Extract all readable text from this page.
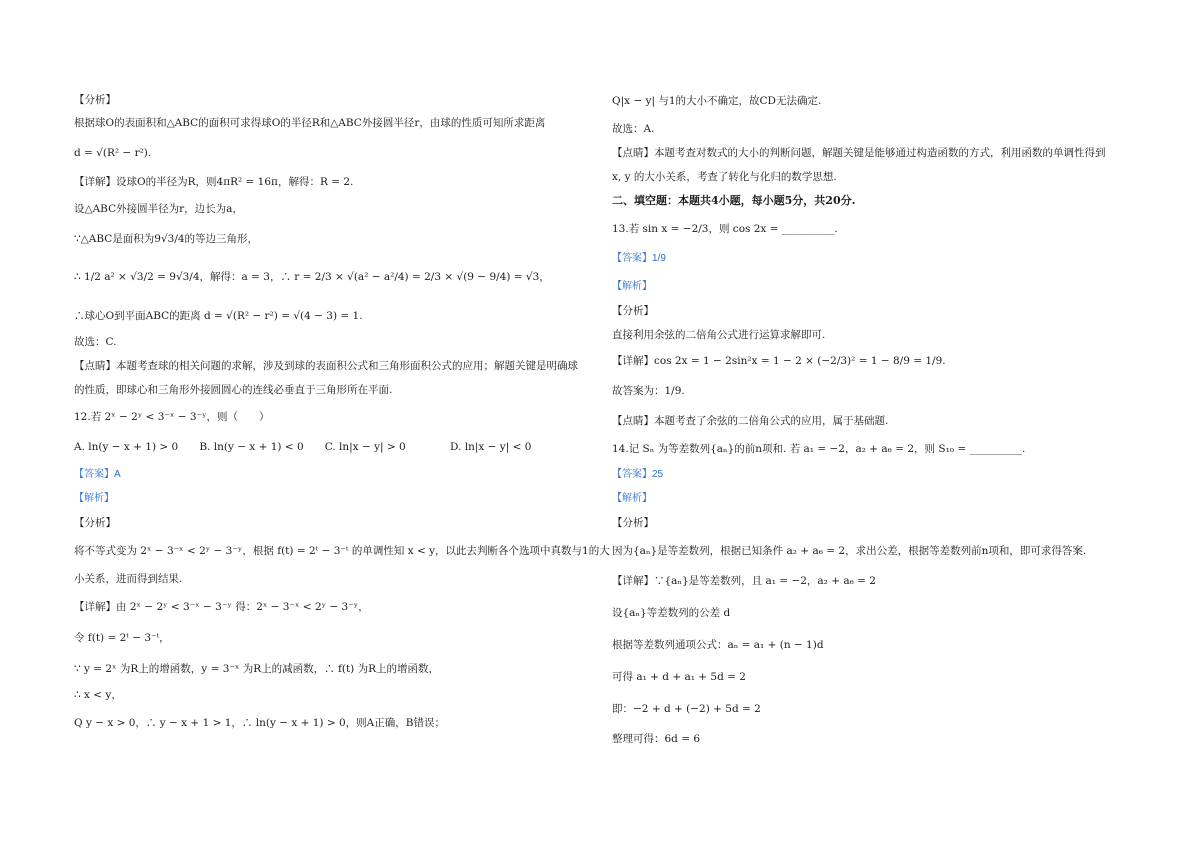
【分析】
根据球O的表面积和△ABC的面积可求得球O的半径R和△ABC外接圆半径r，由球的性质可知所求距离
d = √(R² − r²).
【详解】设球O的半径为R，则4πR² = 16π，解得：R = 2.
设△ABC外接圆半径为r，边长为a，
∵△ABC是面积为9√3/4的等边三角形，
∴ 1/2 a² × √3/2 = 9√3/4，解得：a = 3，∴ r = 2/3 × √(a² − a²/4) = 2/3 × √(9 − 9/4) = √3，
∴球心O到平面ABC的距离 d = √(R² − r²) = √(4 − 3) = 1.
故选：C.
【点睛】本题考查球的相关问题的求解，涉及到球的表面积公式和三角形面积公式的应用；解题关键是明确球
的性质，即球心和三角形外接圆圆心的连线必垂直于三角形所在平面.
12.若 2ˣ − 2ʸ < 3⁻ˣ − 3⁻ʸ，则（　　）
【答案】A
【解析】
【分析】
将不等式变为 2ˣ − 3⁻ˣ < 2ʸ − 3⁻ʸ，根据 f(t) = 2ᵗ − 3⁻ᵗ 的单调性知 x < y，以此去判断各个选项中真数与1的大
小关系，进而得到结果.
【详解】由 2ˣ − 2ʸ < 3⁻ˣ − 3⁻ʸ 得：2ˣ − 3⁻ˣ < 2ʸ − 3⁻ʸ，
令 f(t) = 2ᵗ − 3⁻ᵗ，
∵ y = 2ˣ 为R上的增函数，y = 3⁻ˣ 为R上的减函数，∴ f(t) 为R上的增函数，
∴ x < y，
Q y − x > 0，∴ y − x + 1 > 1，∴ ln(y − x + 1) > 0，则A正确，B错误；
Q|x − y| 与1的大小不确定，故CD无法确定.
故选：A.
【点睛】本题考查对数式的大小的判断问题，解题关键是能够通过构造函数的方式，利用函数的单调性得到
x, y 的大小关系，考查了转化与化归的数学思想.
二、填空题：本题共4小题，每小题5分，共20分.
13.若 sin x = −2/3，则 cos 2x = __________.
【答案】1/9
【解析】
【分析】
直接利用余弦的二倍角公式进行运算求解即可.
【详解】cos 2x = 1 − 2sin²x = 1 − 2 × (−2/3)² = 1 − 8/9 = 1/9.
故答案为：1/9.
【点睛】本题考查了余弦的二倍角公式的应用，属于基础题.
14.记 Sₙ 为等差数列{aₙ}的前n项和. 若 a₁ = −2，a₂ + a₆ = 2，则 S₁₀ = __________.
【答案】25
【解析】
【分析】
因为{aₙ}是等差数列，根据已知条件 a₂ + a₆ = 2，求出公差，根据等差数列前n项和，即可求得答案.
【详解】∵{aₙ}是等差数列，且 a₁ = −2，a₂ + a₆ = 2
设{aₙ}等差数列的公差 d
根据等差数列通项公式：aₙ = a₁ + (n − 1)d
可得 a₁ + d + a₁ + 5d = 2
即：−2 + d + (−2) + 5d = 2
整理可得：6d = 6
A. ln(y − x + 1) > 0 B. ln(y − x + 1) < 0 C. ln|x − y| > 0	D. ln|x − y| < 0
